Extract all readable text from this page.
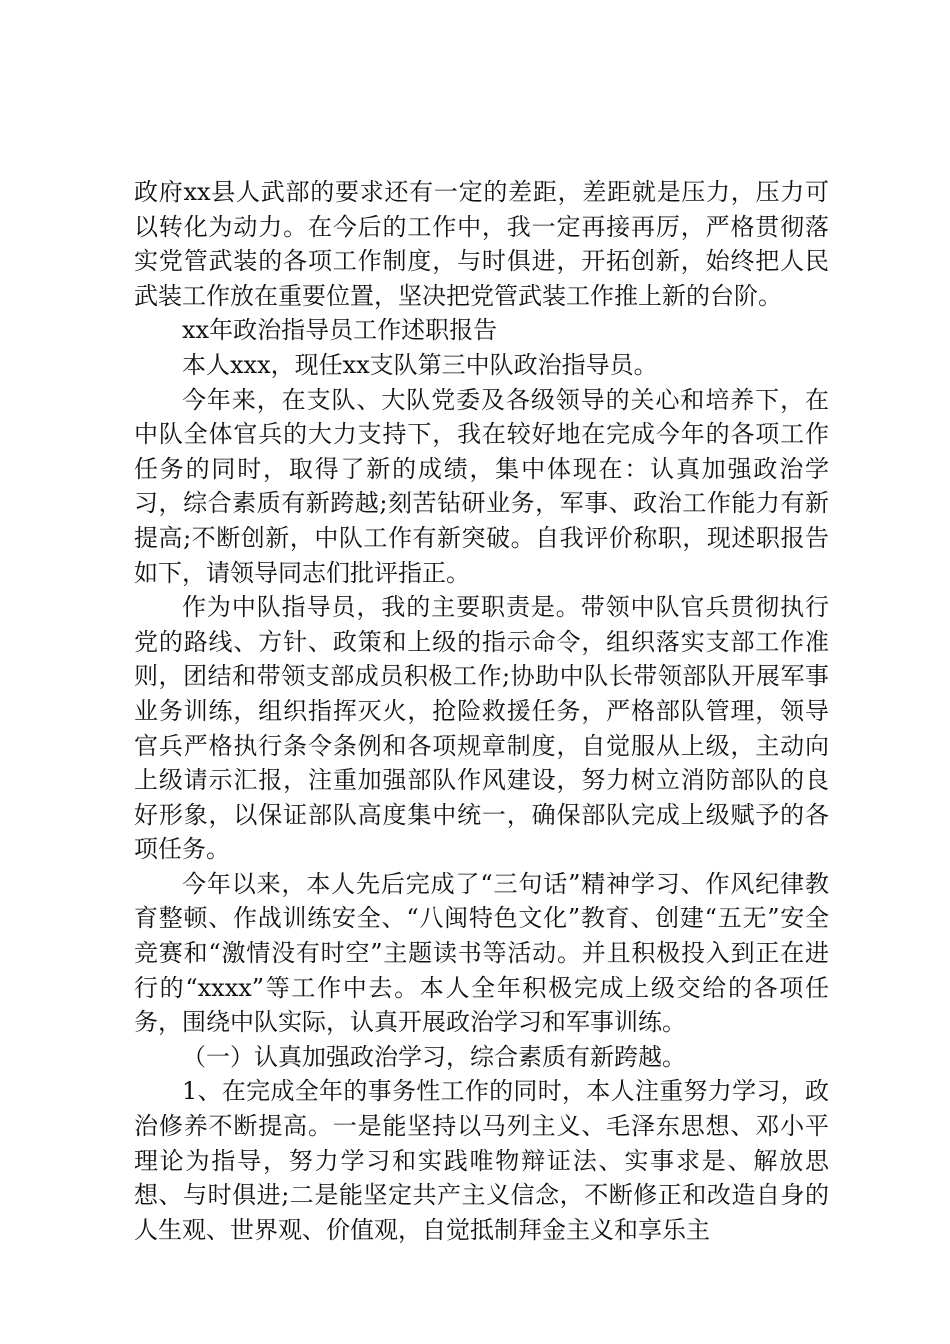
政府xx县人武部的要求还有一定的差距，差距就是压力，压力可以转化为动力。在今后的工作中，我一定再接再厉，严格贯彻落实党管武装的各项工作制度，与时俱进，开拓创新，始终把人民武装工作放在重要位置，坚决把党管武装工作推上新的台阶。

xx年政治指导员工作述职报告

本人xxx，现任xx支队第三中队政治指导员。

今年来，在支队、大队党委及各级领导的关心和培养下，在中队全体官兵的大力支持下，我在较好地在完成今年的各项工作任务的同时，取得了新的成绩，集中体现在：认真加强政治学习，综合素质有新跨越;刻苦钻研业务，军事、政治工作能力有新提高;不断创新，中队工作有新突破。自我评价称职，现述职报告如下，请领导同志们批评指正。

作为中队指导员，我的主要职责是。带领中队官兵贯彻执行党的路线、方针、政策和上级的指示命令，组织落实支部工作准则，团结和带领支部成员积极工作;协助中队长带领部队开展军事业务训练，组织指挥灭火，抢险救援任务，严格部队管理，领导官兵严格执行条令条例和各项规章制度，自觉服从上级，主动向上级请示汇报，注重加强部队作风建设，努力树立消防部队的良好形象，以保证部队高度集中统一，确保部队完成上级赋予的各项任务。

今年以来，本人先后完成了“三句话”精神学习、作风纪律教育整顿、作战训练安全、“八闽特色文化”教育、创建“五无”安全竞赛和“激情没有时空”主题读书等活动。并且积极投入到正在进行的“xxxx”等工作中去。本人全年积极完成上级交给的各项任务，围绕中队实际，认真开展政治学习和军事训练。

（一）认真加强政治学习，综合素质有新跨越。

1、在完成全年的事务性工作的同时，本人注重努力学习，政治修养不断提高。一是能坚持以马列主义、毛泽东思想、邓小平理论为指导，努力学习和实践唯物辩证法、实事求是、解放思想、与时俱进;二是能坚定共产主义信念，不断修正和改造自身的人生观、世界观、价值观，自觉抵制拜金主义和享乐主
